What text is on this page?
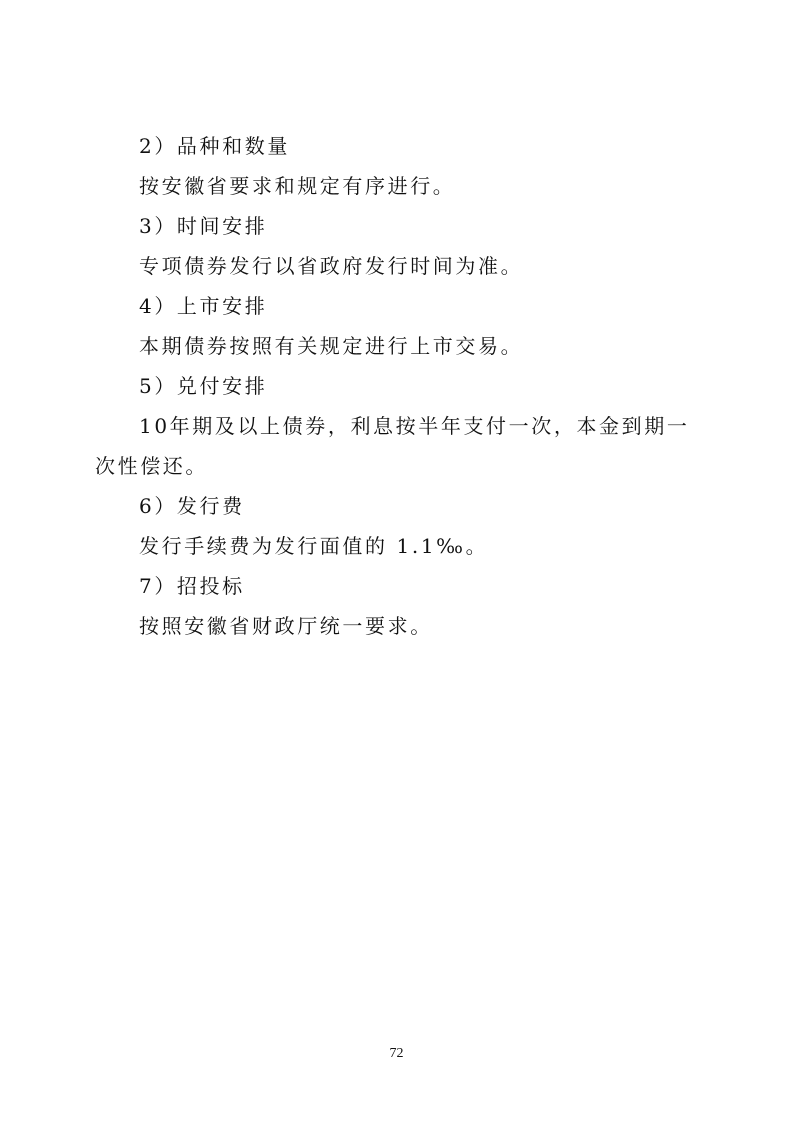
2）品种和数量
按安徽省要求和规定有序进行。
3）时间安排
专项债券发行以省政府发行时间为准。
4）上市安排
本期债券按照有关规定进行上市交易。
5）兑付安排
10年期及以上债券，利息按半年支付一次，本金到期一次性偿还。
6）发行费
发行手续费为发行面值的 1.1‰。
7）招投标
按照安徽省财政厅统一要求。
72
